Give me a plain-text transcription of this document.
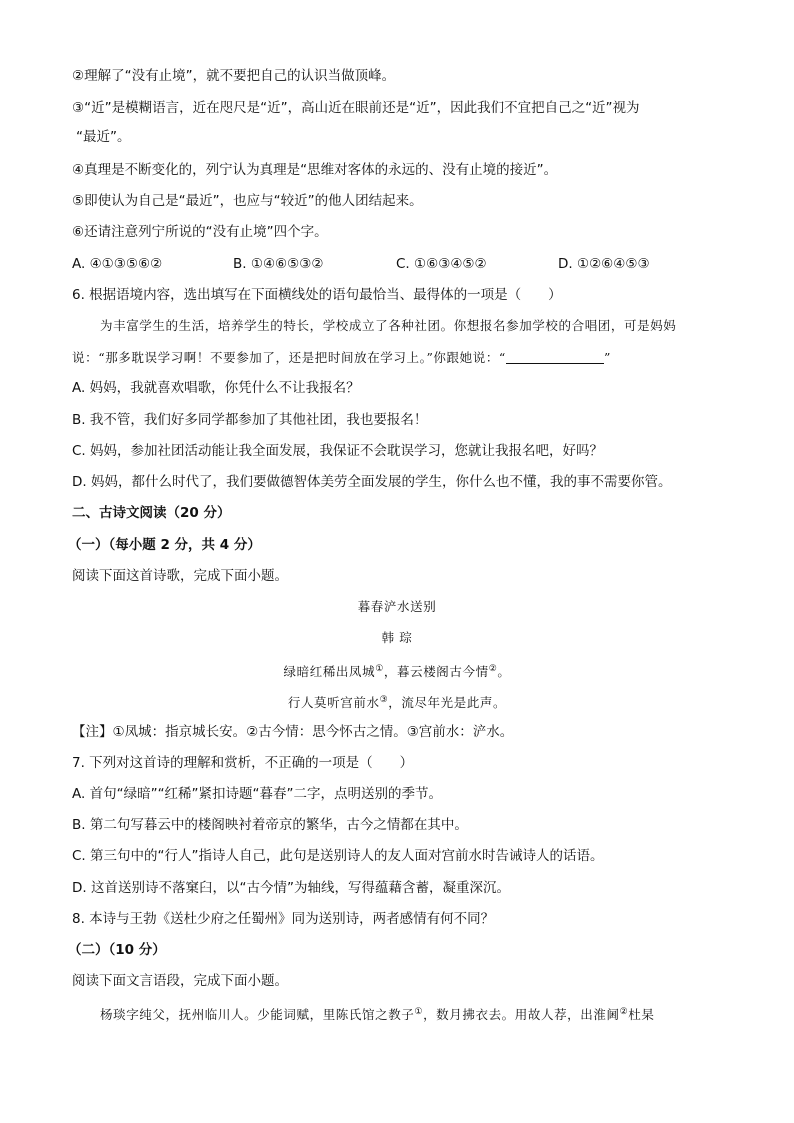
②理解了“没有止境”，就不要把自己的认识当做顶峰。
③“近”是模糊语言，近在咫尺是“近”，高山近在眼前还是“近”，因此我们不宜把自己之“近”视为
“最近”。
④真理是不断变化的，列宁认为真理是“思维对客体的永远的、没有止境的接近”。
⑤即使认为自己是“最近”，也应与“较近”的他人团结起来。
⑥还请注意列宁所说的“没有止境”四个字。
A. ④①③⑤⑥②	B. ①④⑥⑤③②	C. ①⑥③④⑤②	D. ①②⑥④⑤③
6. 根据语境内容，选出填写在下面横线处的语句最恰当、最得体的一项是（　　）
为丰富学生的生活，培养学生的特长，学校成立了各种社团。你想报名参加学校的合唱团，可是妈妈
说：“那多耽误学习啊！不要参加了，还是把时间放在学习上。”你跟她说：“	”
A. 妈妈，我就喜欢唱歌，你凭什么不让我报名？
B. 我不管，我们好多同学都参加了其他社团，我也要报名！
C. 妈妈，参加社团活动能让我全面发展，我保证不会耽误学习，您就让我报名吧，好吗？
D. 妈妈，都什么时代了，我们要做德智体美劳全面发展的学生，你什么也不懂，我的事不需要你管。
二、古诗文阅读（20 分）
（一）（每小题 2 分，共 4 分）
阅读下面这首诗歌，完成下面小题。
暮春浐水送别
韩 琮
绿暗红稀出凤城①，暮云楼阁古今情②。
行人莫听宫前水③，流尽年光是此声。
【注】①凤城：指京城长安。②古今情：思今怀古之情。③宫前水：浐水。
7. 下列对这首诗的理解和赏析，不正确的一项是（　　）
A. 首句“绿暗”“红稀”紧扣诗题“暮春”二字，点明送别的季节。
B. 第二句写暮云中的楼阁映衬着帝京的繁华，古今之情都在其中。
C. 第三句中的“行人”指诗人自己，此句是送别诗人的友人面对宫前水时告诫诗人的话语。
D. 这首送别诗不落窠臼，以“古今情”为轴线，写得蕴藉含蓄，凝重深沉。
8. 本诗与王勃《送杜少府之任蜀州》同为送别诗，两者感情有何不同？
（二）（10 分）
阅读下面文言语段，完成下面小题。
杨琰字纯父，抚州临川人。少能词赋，里陈氏馆之教子①，数月拂衣去。用故人荐，出淮阃②杜杲
